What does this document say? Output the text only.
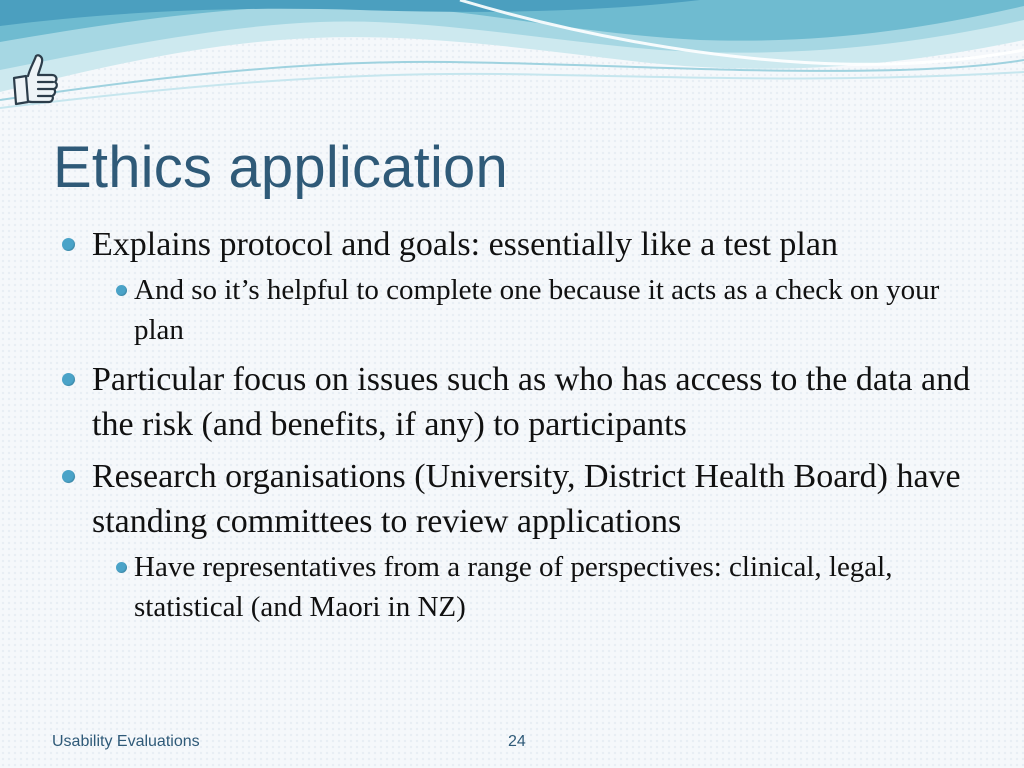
Ethics application
Explains protocol and goals: essentially like a test plan
And so it’s helpful to complete one because it acts as a check on your plan
Particular focus on issues such as who has access to the data and the risk (and benefits, if any) to participants
Research organisations (University, District Health Board) have standing committees to review applications
Have representatives from a range of perspectives: clinical, legal, statistical (and Maori in NZ)
Usability Evaluations	24
